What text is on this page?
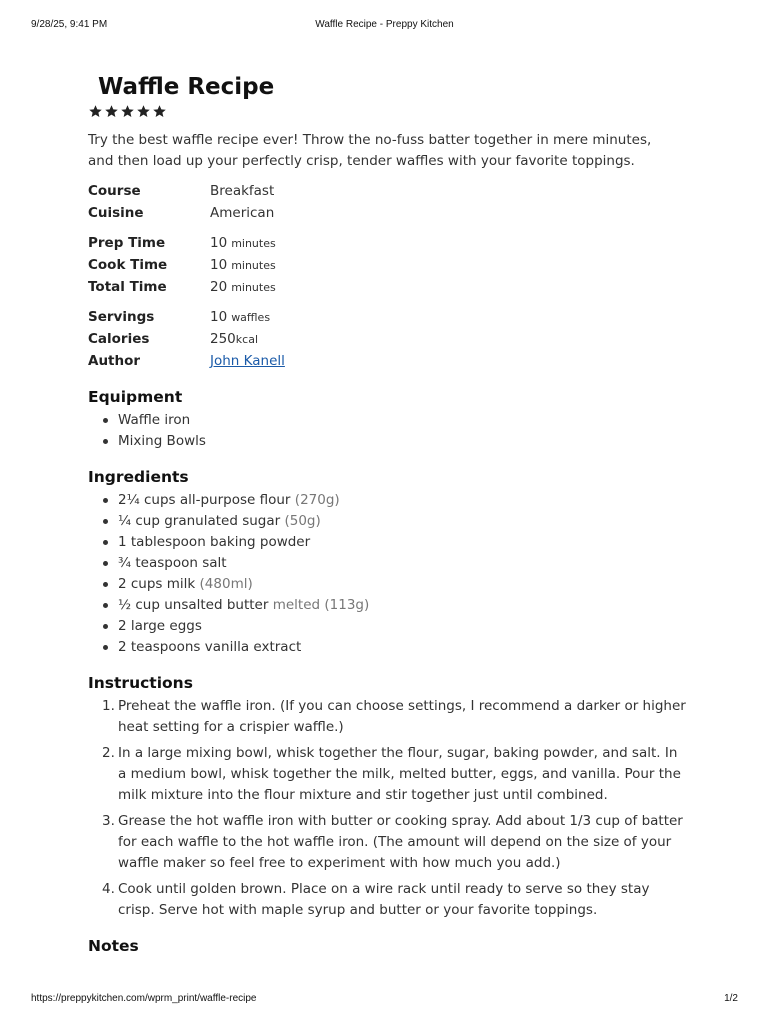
9/28/25, 9:41 PM	Waffle Recipe - Preppy Kitchen
Waffle Recipe

Try the best waffle recipe ever! Throw the no-fuss batter together in mere minutes, and then load up your perfectly crisp, tender waffles with your favorite toppings.

Course	Breakfast
Cuisine	American
Prep Time	10 minutes
Cook Time	10 minutes
Total Time	20 minutes
Servings	10 waffles
Calories	250kcal
Author	John Kanell
Equipment
Waffle iron
Mixing Bowls
Ingredients
2¼ cups all-purpose flour (270g)
¼ cup granulated sugar (50g)
1 tablespoon baking powder
¾ teaspoon salt
2 cups milk (480ml)
½ cup unsalted butter melted (113g)
2 large eggs
2 teaspoons vanilla extract
Instructions
1. Preheat the waffle iron. (If you can choose settings, I recommend a darker or higher heat setting for a crispier waffle.)
2. In a large mixing bowl, whisk together the flour, sugar, baking powder, and salt. In a medium bowl, whisk together the milk, melted butter, eggs, and vanilla. Pour the milk mixture into the flour mixture and stir together just until combined.
3. Grease the hot waffle iron with butter or cooking spray. Add about 1/3 cup of batter for each waffle to the hot waffle iron. (The amount will depend on the size of your waffle maker so feel free to experiment with how much you add.)
4. Cook until golden brown. Place on a wire rack until ready to serve so they stay crisp. Serve hot with maple syrup and butter or your favorite toppings.
Notes
https://preppykitchen.com/wprm_print/waffle-recipe	1/2
